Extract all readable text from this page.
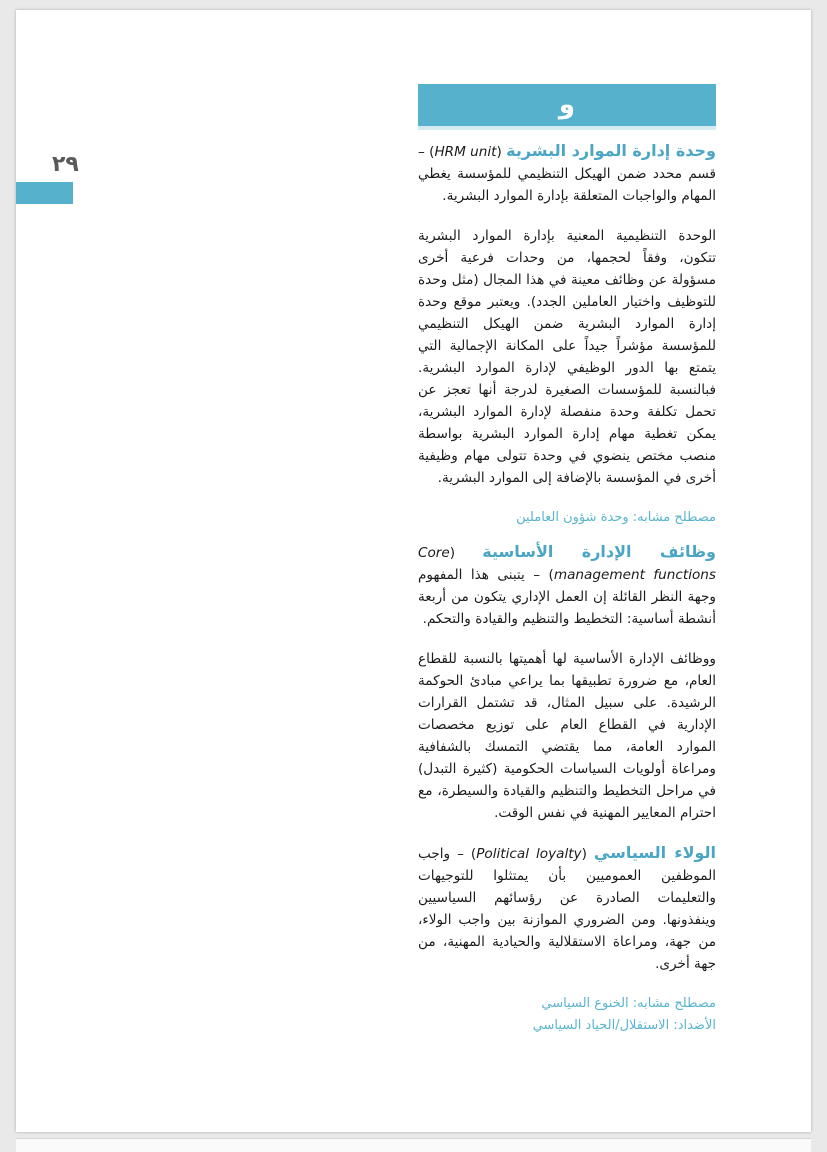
٢٩
و

وحدة إدارة الموارد البشرية (HRM unit) – قسم محدد ضمن الهيكل التنظيمي للمؤسسة يغطي المهام والواجبات المتعلقة بإدارة الموارد البشرية.

الوحدة التنظيمية المعنية بإدارة الموارد البشرية تتكون، وفقاً لحجمها، من وحدات فرعية أخرى مسؤولة عن وظائف معينة في هذا المجال (مثل وحدة للتوظيف واختيار العاملين الجدد). ويعتبر موقع وحدة إدارة الموارد البشرية ضمن الهيكل التنظيمي للمؤسسة مؤشراً جيداً على المكانة الإجمالية التي يتمتع بها الدور الوظيفي لإدارة الموارد البشرية. فبالنسبة للمؤسسات الصغيرة لدرجة أنها تعجز عن تحمل تكلفة وحدة منفصلة لإدارة الموارد البشرية، يمكن تغطية مهام إدارة الموارد البشرية بواسطة منصب مختص ينضوي في وحدة تتولى مهام وظيفية أخرى في المؤسسة بالإضافة إلى الموارد البشرية.

مصطلح مشابه: وحدة شؤون العاملين

وظائف الإدارة الأساسية (Core management functions) – يتبنى هذا المفهوم وجهة النظر القائلة إن العمل الإداري يتكون من أربعة أنشطة أساسية: التخطيط والتنظيم والقيادة والتحكم.

ووظائف الإدارة الأساسية لها أهميتها بالنسبة للقطاع العام، مع ضرورة تطبيقها بما يراعي مبادئ الحوكمة الرشيدة. على سبيل المثال، قد تشتمل القرارات الإدارية في القطاع العام على توزيع مخصصات الموارد العامة، مما يقتضي التمسك بالشفافية ومراعاة أولويات السياسات الحكومية (كثيرة التبدل) في مراحل التخطيط والتنظيم والقيادة والسيطرة، مع احترام المعايير المهنية في نفس الوقت.

الولاء السياسي (Political loyalty) – واجب الموظفين العموميين بأن يمتثلوا للتوجيهات والتعليمات الصادرة عن رؤسائهم السياسيين وينفذونها. ومن الضروري الموازنة بين واجب الولاء، من جهة، ومراعاة الاستقلالية والحيادية المهنية، من جهة أخرى.

مصطلح مشابه: الخنوع السياسي

الأضداد: الاستقلال/الحياد السياسي
